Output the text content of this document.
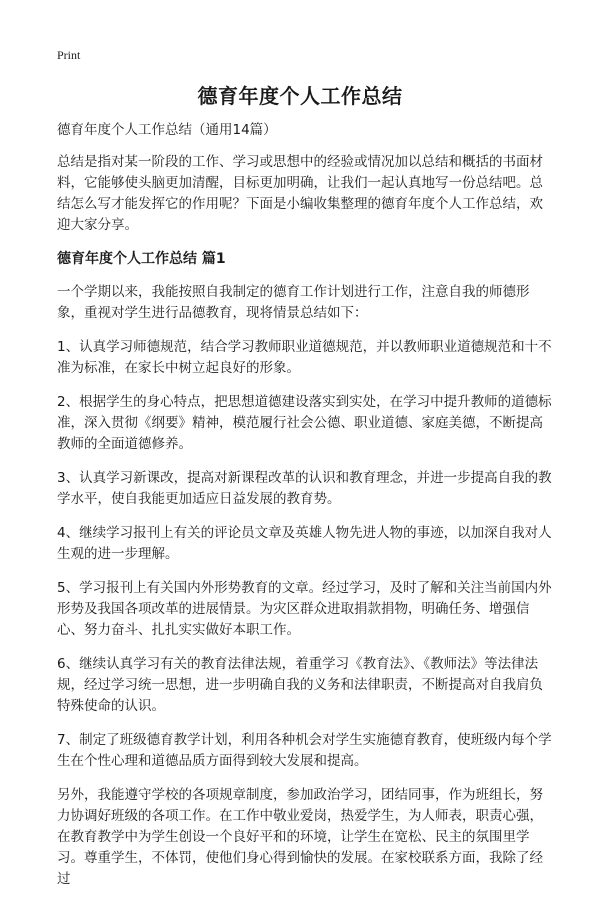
Print
德育年度个人工作总结

德育年度个人工作总结（通用14篇）

总结是指对某一阶段的工作、学习或思想中的经验或情况加以总结和概括的书面材料，它能够使头脑更加清醒，目标更加明确，让我们一起认真地写一份总结吧。总结怎么写才能发挥它的作用呢？下面是小编收集整理的德育年度个人工作总结，欢迎大家分享。

德育年度个人工作总结 篇1

一个学期以来，我能按照自我制定的德育工作计划进行工作，注意自我的师德形象，重视对学生进行品德教育，现将情景总结如下：

1、认真学习师德规范，结合学习教师职业道德规范，并以教师职业道德规范和十不准为标准，在家长中树立起良好的形象。

2、根据学生的身心特点，把思想道德建设落实到实处，在学习中提升教师的道德标准，深入贯彻《纲要》精神，模范履行社会公德、职业道德、家庭美德，不断提高教师的全面道德修养。

3、认真学习新课改，提高对新课程改革的认识和教育理念，并进一步提高自我的教学水平，使自我能更加适应日益发展的教育势。

4、继续学习报刊上有关的评论员文章及英雄人物先进人物的事迹，以加深自我对人生观的进一步理解。

5、学习报刊上有关国内外形势教育的文章。经过学习，及时了解和关注当前国内外形势及我国各项改革的进展情景。为灾区群众进取捐款捐物，明确任务、增强信心、努力奋斗、扎扎实实做好本职工作。

6、继续认真学习有关的教育法律法规，着重学习《教育法》、《教师法》等法律法规，经过学习统一思想，进一步明确自我的义务和法律职责，不断提高对自我肩负特殊使命的认识。

7、制定了班级德育教学计划，利用各种机会对学生实施德育教育，使班级内每个学生在个性心理和道德品质方面得到较大发展和提高。

另外，我能遵守学校的各项规章制度，参加政治学习，团结同事，作为班组长，努力协调好班级的各项工作。在工作中敬业爱岗，热爱学生，为人师表，职责心强，在教育教学中为学生创设一个良好平和的环境，让学生在宽松、民主的氛围里学习。尊重学生，不体罚，使他们身心得到愉快的发展。在家校联系方面，我除了经过
